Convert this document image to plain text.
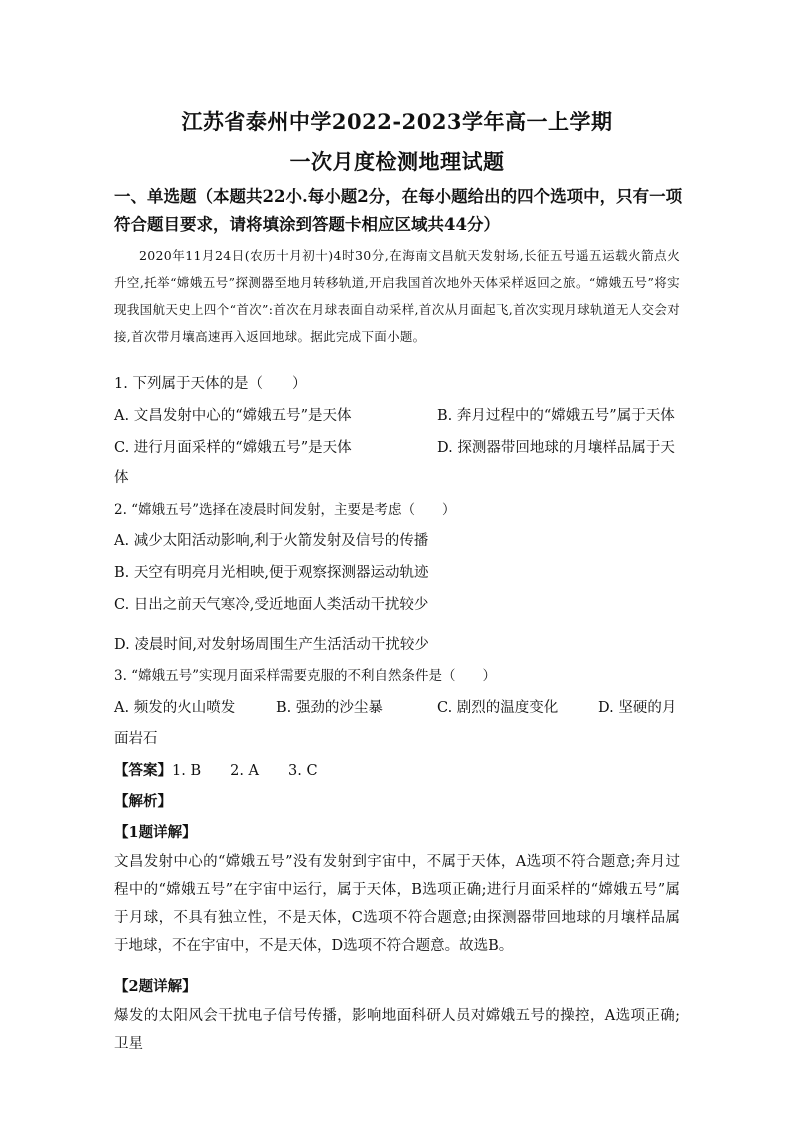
江苏省泰州中学2022-2023学年高一上学期
一次月度检测地理试题
一、单选题（本题共22小.每小题2分，在每小题给出的四个选项中，只有一项符合题目要求，请将填涂到答题卡相应区域共44分）
2020年11月24日(农历十月初十)4时30分,在海南文昌航天发射场,长征五号遥五运载火箭点火升空,托举“嫦娥五号”探测器至地月转移轨道,开启我国首次地外天体采样返回之旅。“嫦娥五号”将实现我国航天史上四个“首次”:首次在月球表面自动采样,首次从月面起飞,首次实现月球轨道无人交会对接,首次带月壤高速再入返回地球。据此完成下面小题。
1. 下列属于天体的是（　　）
A. 文昌发射中心的“嫦娥五号”是天体	B. 奔月过程中的“嫦娥五号”属于天体
C. 进行月面采样的“嫦娥五号”是天体	D. 探测器带回地球的月壤样品属于天
体
2. “嫦娥五号”选择在凌晨时间发射，主要是考虑（　　）
A. 减少太阳活动影响,利于火箭发射及信号的传播
B. 天空有明亮月光相映,便于观察探测器运动轨迹
C. 日出之前天气寒冷,受近地面人类活动干扰较少
D. 凌晨时间,对发射场周围生产生活活动干扰较少
3. “嫦娥五号”实现月面采样需要克服的不利自然条件是（　　）
A. 频发的火山喷发	B. 强劲的沙尘暴	C. 剧烈的温度变化	D. 坚硬的月
面岩石
【答案】1. B　　2. A　　3. C
【解析】
【1题详解】
文昌发射中心的“嫦娥五号”没有发射到宇宙中，不属于天体，A选项不符合题意;奔月过程中的“嫦娥五号”在宇宙中运行，属于天体，B选项正确;进行月面采样的“嫦娥五号”属于月球，不具有独立性，不是天体，C选项不符合题意;由探测器带回地球的月壤样品属于地球，不在宇宙中，不是天体，D选项不符合题意。故选B。
【2题详解】
爆发的太阳风会干扰电子信号传播，影响地面科研人员对嫦娥五号的操控，A选项正确;卫星
